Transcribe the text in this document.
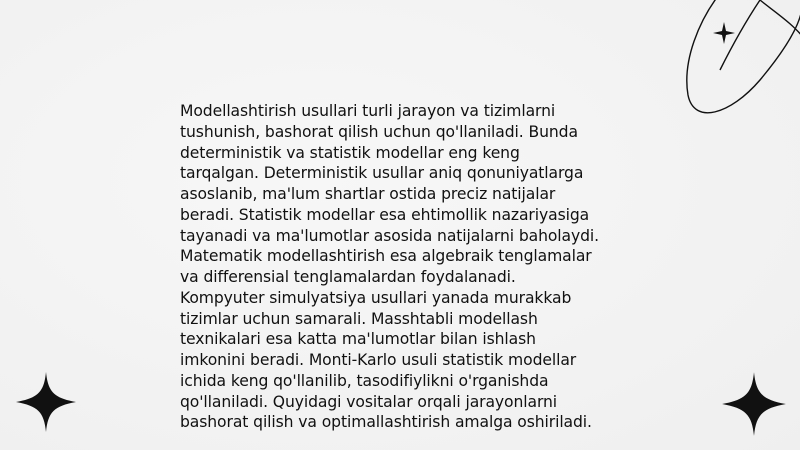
Modellashtirish usullari turli jarayon va tizimlarni
tushunish, bashorat qilish uchun qo'llaniladi. Bunda
deterministik va statistik modellar eng keng
tarqalgan. Deterministik usullar aniq qonuniyatlarga
asoslanib, ma'lum shartlar ostida preciz natijalar
beradi. Statistik modellar esa ehtimollik nazariyasiga
tayanadi va ma'lumotlar asosida natijalarni baholaydi.
Matematik modellashtirish esa algebraik tenglamalar
va differensial tenglamalardan foydalanadi.
Kompyuter simulyatsiya usullari yanada murakkab
tizimlar uchun samarali. Masshtabli modellash
texnikalari esa katta ma'lumotlar bilan ishlash
imkonini beradi. Monti-Karlo usuli statistik modellar
ichida keng qo'llanilib, tasodifiylikni o'rganishda
qo'llaniladi. Quyidagi vositalar orqali jarayonlarni
bashorat qilish va optimallashtirish amalga oshiriladi.
